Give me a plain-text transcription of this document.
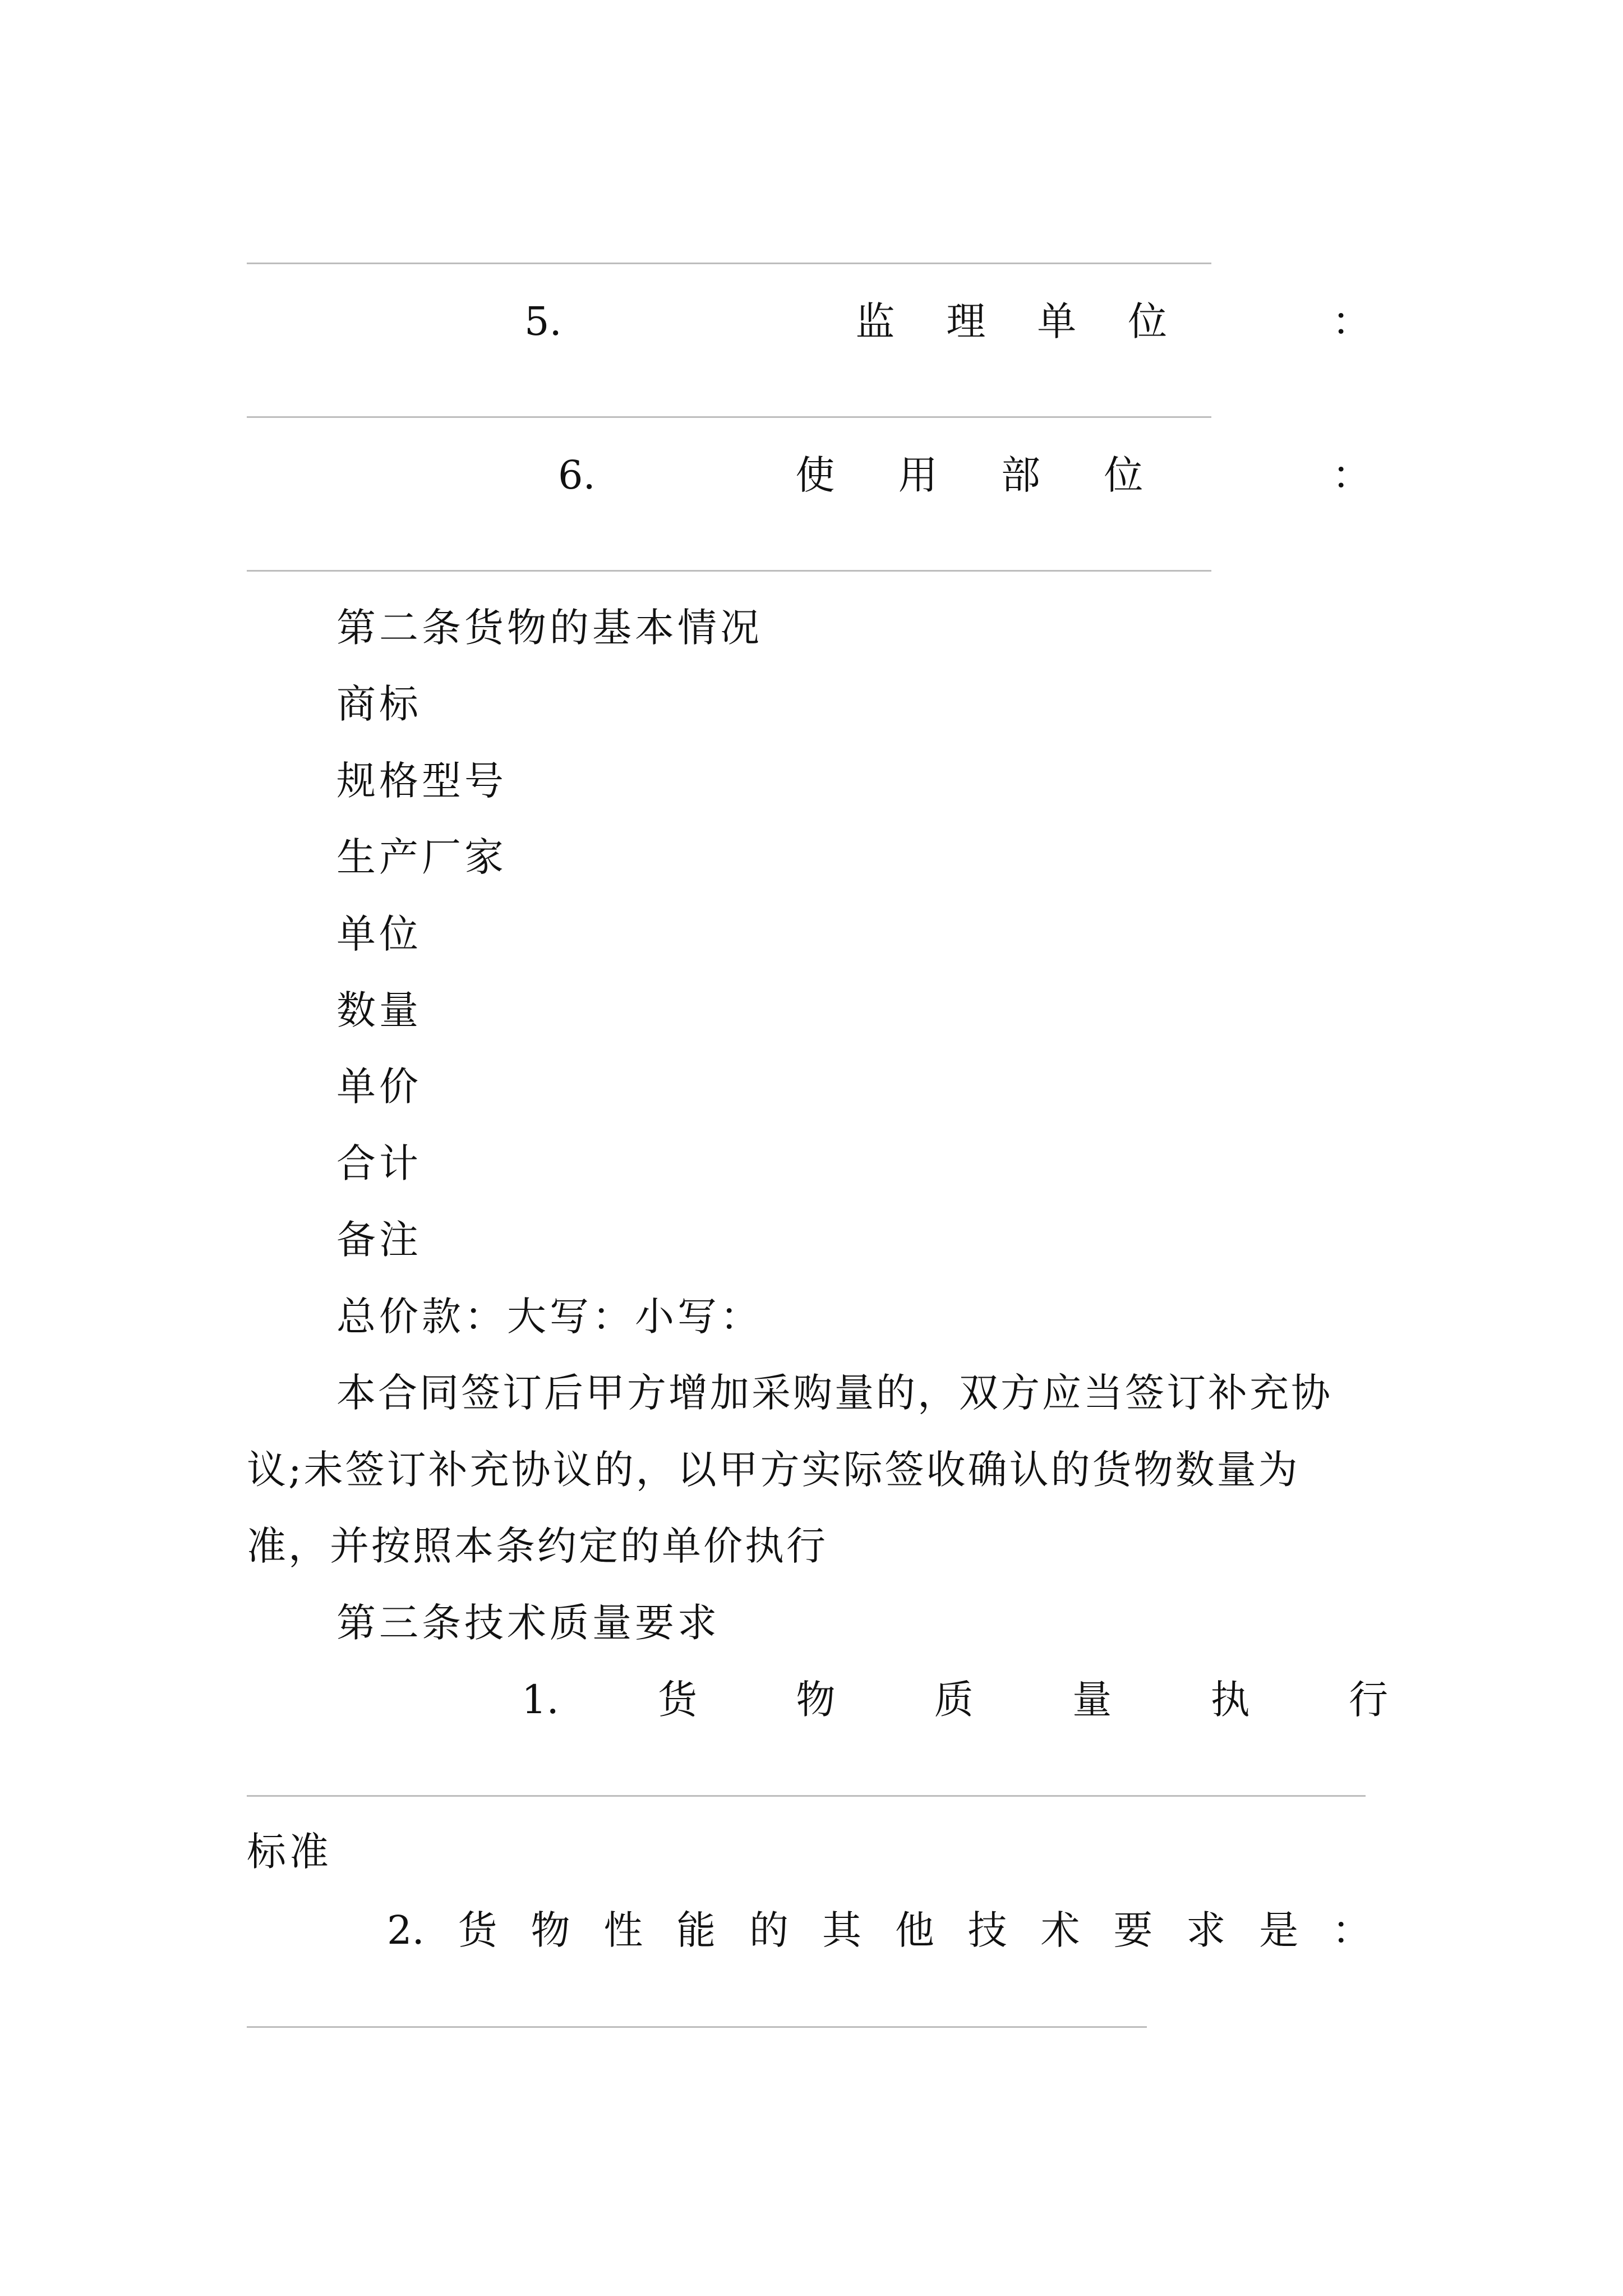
5.	监 理 单 位	：
6.	使 用 部 位	：
第二条货物的基本情况
商标
规格型号
生产厂家
单位
数量
单价
合计
备注
总价款：大写：小写：
本合同签订后甲方增加采购量的，双方应当签订补充协
议;未签订补充协议的，以甲方实际签收确认的货物数量为
准，并按照本条约定的单价执行
第三条技术质量要求
1.	货	物	质	量	执	行
标准
2. 货 物 性 能 的 其 他 技 术 要 求 是 ：
